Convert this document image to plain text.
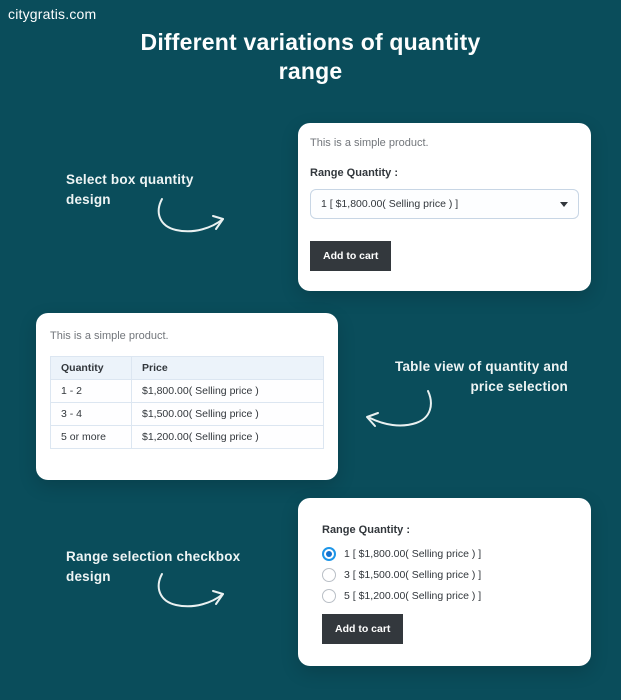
citygratis.com
Different variations of quantity
range
Select box quantity
design
This is a simple product.
Range Quantity :
1 [ $1,800.00( Selling price ) ]
Add to cart
This is a simple product.
Quantity	Price
1 - 2	$1,800.00( Selling price )
3 - 4	$1,500.00( Selling price )
5 or more	$1,200.00( Selling price )
Table view of quantity and
price selection
Range selection checkbox
design
Range Quantity :
1 [ $1,800.00( Selling price ) ]
3 [ $1,500.00( Selling price ) ]
5 [ $1,200.00( Selling price ) ]
Add to cart
